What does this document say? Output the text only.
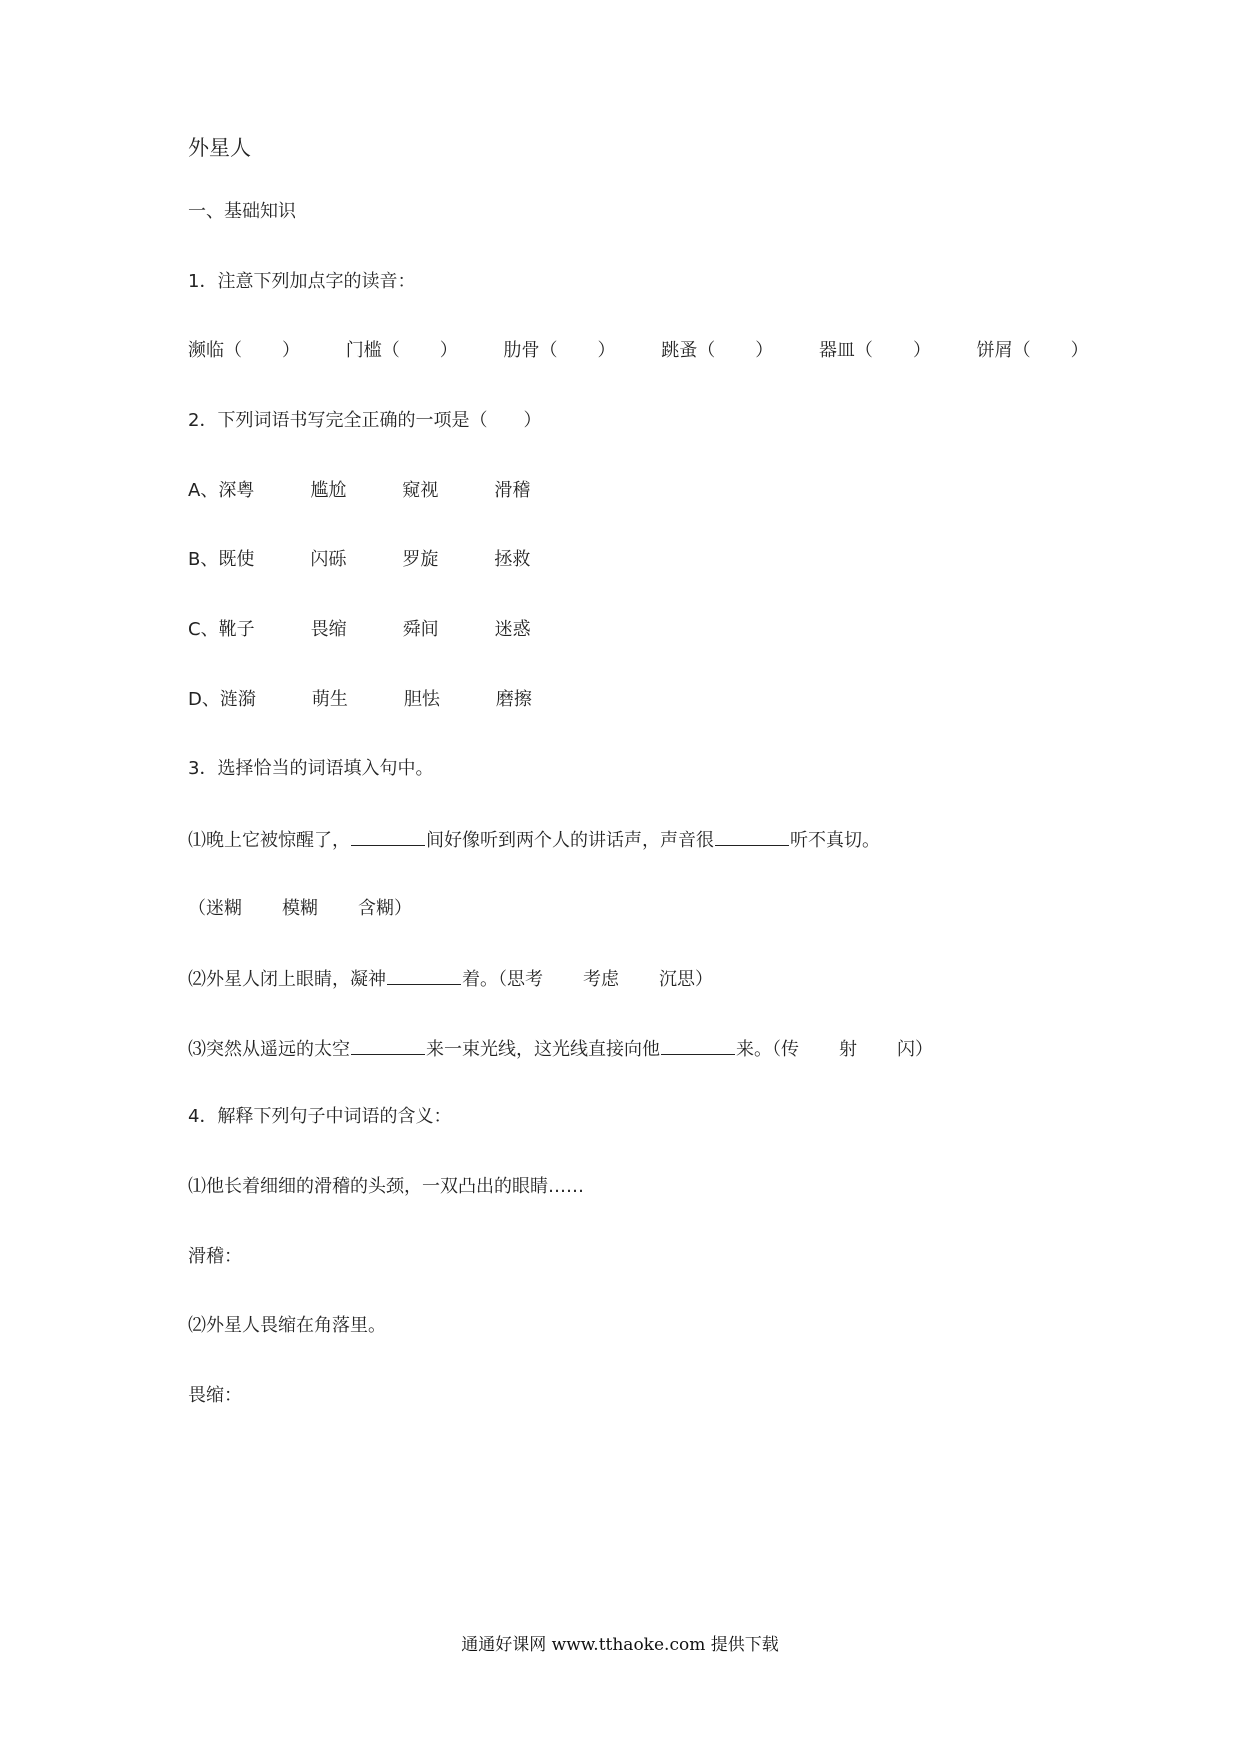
外星人
一、基础知识
1．注意下列加点字的读音：
濒临（ ）	门槛（ ）	肋骨（ ）	跳蚤（ ）	器皿（ ）	饼屑（ ）
2．下列词语书写完全正确的一项是（　　）
A、深粤	尴尬	窥视	滑稽
B、既使	闪砾	罗旋	拯救
C、靴子	畏缩	舜间	迷惑
D、涟漪	萌生	胆怯	磨擦
3．选择恰当的词语填入句中。
⑴晚上它被惊醒了，	间好像听到两个人的讲话声，声音很	听不真切。
（迷糊 模糊 含糊）
⑵外星人闭上眼睛，凝神	着。（思考 考虑 沉思）
⑶突然从遥远的太空	来一束光线，这光线直接向他	来。（传 射 闪）
4．解释下列句子中词语的含义：
⑴他长着细细的滑稽的头颈，一双凸出的眼睛……
滑稽：
⑵外星人畏缩在角落里。
畏缩：
通通好课网 www.tthaoke.com 提供下载
